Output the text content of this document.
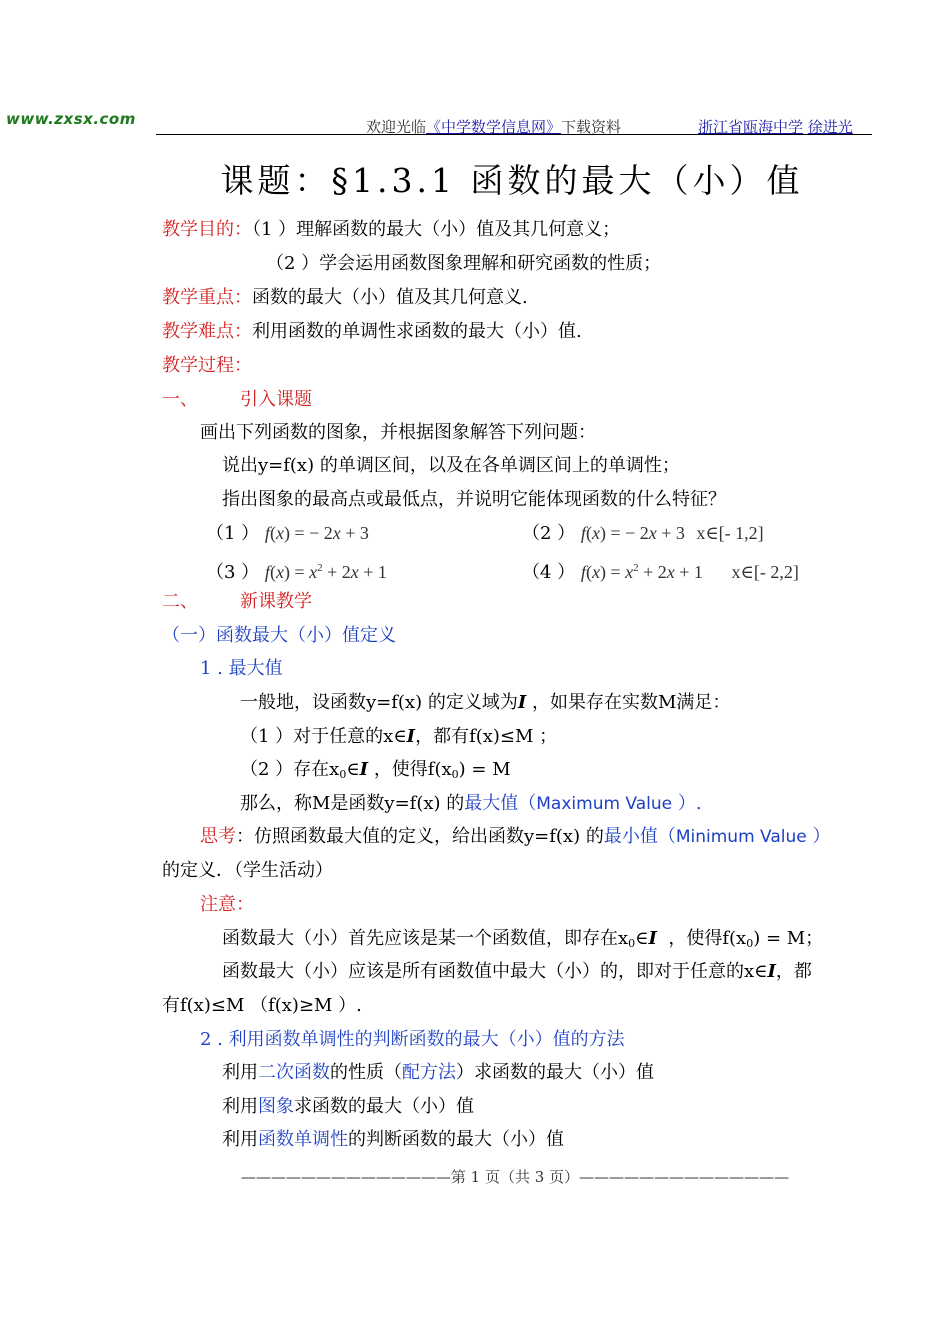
www.zxsx.com	欢迎光临《中学数学信息网》下载资料	浙江省瓯海中学 徐进光
课题：§1.3.1 函数的最大（小）值
教学目的：（1 ）理解函数的最大（小）值及其几何意义；
（2 ）学会运用函数图象理解和研究函数的性质；
教学重点：函数的最大（小）值及其几何意义.
教学难点：利用函数的单调性求函数的最大（小）值.
教学过程：
一、 引入课题
画出下列函数的图象，并根据图象解答下列问题：
说出y=f(x) 的单调区间，以及在各单调区间上的单调性；
指出图象的最高点或最低点，并说明它能体现函数的什么特征？
（1 ） f(x) = − 2x + 3	（2 ） f(x) = − 2x + 3 x∈[- 1,2]
（3 ） $f(x) = x^2 + 2x + 1$	（4 ） $f(x) = x^2 + 2x + 1$ x∈[- 2,2]
二、 新课教学
（一）函数最大（小）值定义
1 . 最大值
一般地，设函数y=f(x) 的定义域为I ，如果存在实数M满足：
（1 ）对于任意的x∈I，都有f(x)≤M ；
（2 ）存在$x_0\in I$ ，使得$f(x_0) = M$
那么，称M是函数y=f(x) 的最大值（Maximum Value ）.
思考：仿照函数最大值的定义，给出函数y=f(x) 的最小值（Minimum Value ）
的定义．（学生活动）
注意：
函数最大（小）首先应该是某一个函数值，即存在$x_0\in I$ ，使得$f(x_0) = M$；
函数最大（小）应该是所有函数值中最大（小）的，即对于任意的x∈I，都
有f(x)≤M （f(x)≥M ）.
2 . 利用函数单调性的判断函数的最大（小）值的方法
利用二次函数的性质（配方法）求函数的最大（小）值
利用图象求函数的最大（小）值
利用函数单调性的判断函数的最大（小）值
——————————————第 1 页（共 3 页）——————————————
